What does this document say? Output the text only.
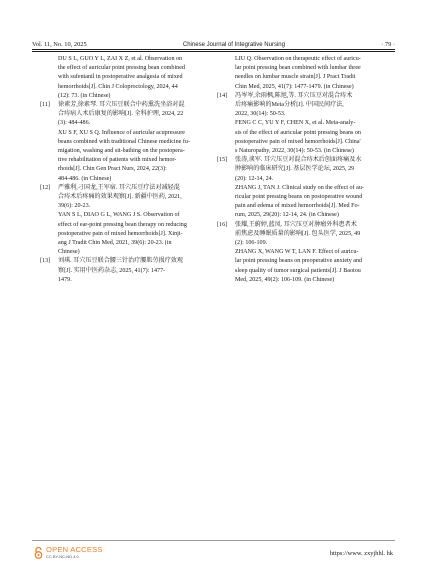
Vol. 11, No. 10, 2025	Chinese Journal of Integrative Nursing	· 79 ·

DU S L, GUO Y L, ZAI X Z, et al. Observation on

the effect of auricular point pressing bean combined

with sufentanil in postoperative analgesia of mixed

hemorrhoids[J]. Chin J Coloproctology, 2024, 44

(12): 73. (in Chinese)

[11] 徐素芳,徐素琴. 耳穴压豆联合中药熏洗坐浴对混

合痔病人术后康复的影响[J]. 全科护理, 2024, 22

(3): 484-486.

XU S F, XU S Q. Influence of auricular acupressure

beans combined with traditional Chinese medicine fu-

migation, washing and sit-bathing on the postopera-

tive rehabilitation of patients with mixed hemor-

rhoids[J]. Chin Gen Pract Nurs, 2024, 22(3):

484-486. (in Chinese)

[12] 严雅利,刁国龙,王军宿. 耳穴压豆疗法对减轻混

合痔术后疼痛的效果观察[J]. 新疆中医药, 2021,

39(6): 20-23.

YAN S L, DIAO G L, WANG J S. Observation of

effect of ear-point pressing bean therapy on reducing

postoperative pain of mixed hemorrhoids[J]. Xinji-

ang J Tradit Chin Med, 2021, 39(6): 20-23. (in

Chinese)

[13] 刘琪. 耳穴压豆联合腰三针治疗腰肌劳损疗效观

察[J]. 实用中医药杂志, 2025, 41(7): 1477-

1479.

LIU Q. Observation on therapeutic effect of auricu-

lar point pressing bean combined with lumbar three

needles on lumbar muscle strain[J]. J Pract Tradit

Chin Med, 2025, 41(7): 1477-1479. (in Chinese)

[14] 冯岑岑,余雨枫,陈旭,等. 耳穴压豆对混合痔术

后疼痛影响的Meta分析[J]. 中国民间疗法,

2022, 30(14): 50-53.

FENG C C, YU Y F, CHEN X, et al. Meta-analy-

sis of the effect of auricular point pressing beans on

postoperative pain of mixed hemorrhoids[J]. China'

s Naturopathy, 2022, 30(14): 50-53. (in Chinese)

[15] 张涛,谈军. 耳穴压豆对混合痔术后创面疼痛及水

肿影响的临床研究[J]. 基层医学论坛, 2025, 29

(20): 12-14, 24.

ZHANG J, TAN J. Clinical study on the effect of au-

ricular point pressing beans on postoperative wound

pain and edema of mixed hemorrhoids[J]. Med Fo-

rum, 2025, 29(20): 12-14, 24. (in Chinese)

[16] 张耀,王蔚婷,蓝凤. 耳穴压豆对肿瘤外科患者术

前焦虑及睡眠质量的影响[J]. 包头医学, 2025, 49

(2): 106-109.

ZHANG X, WANG W T, LAN F. Effect of auricu-

lar point pressing beans on preoperative anxiety and

sleep quality of tumor surgical patients[J]. J Baotou

Med, 2025, 49(2): 106-109. (in Chinese)

OPEN ACCESS
CC BY-NC-ND 4.0	https://www. zxyjhhl. hk
